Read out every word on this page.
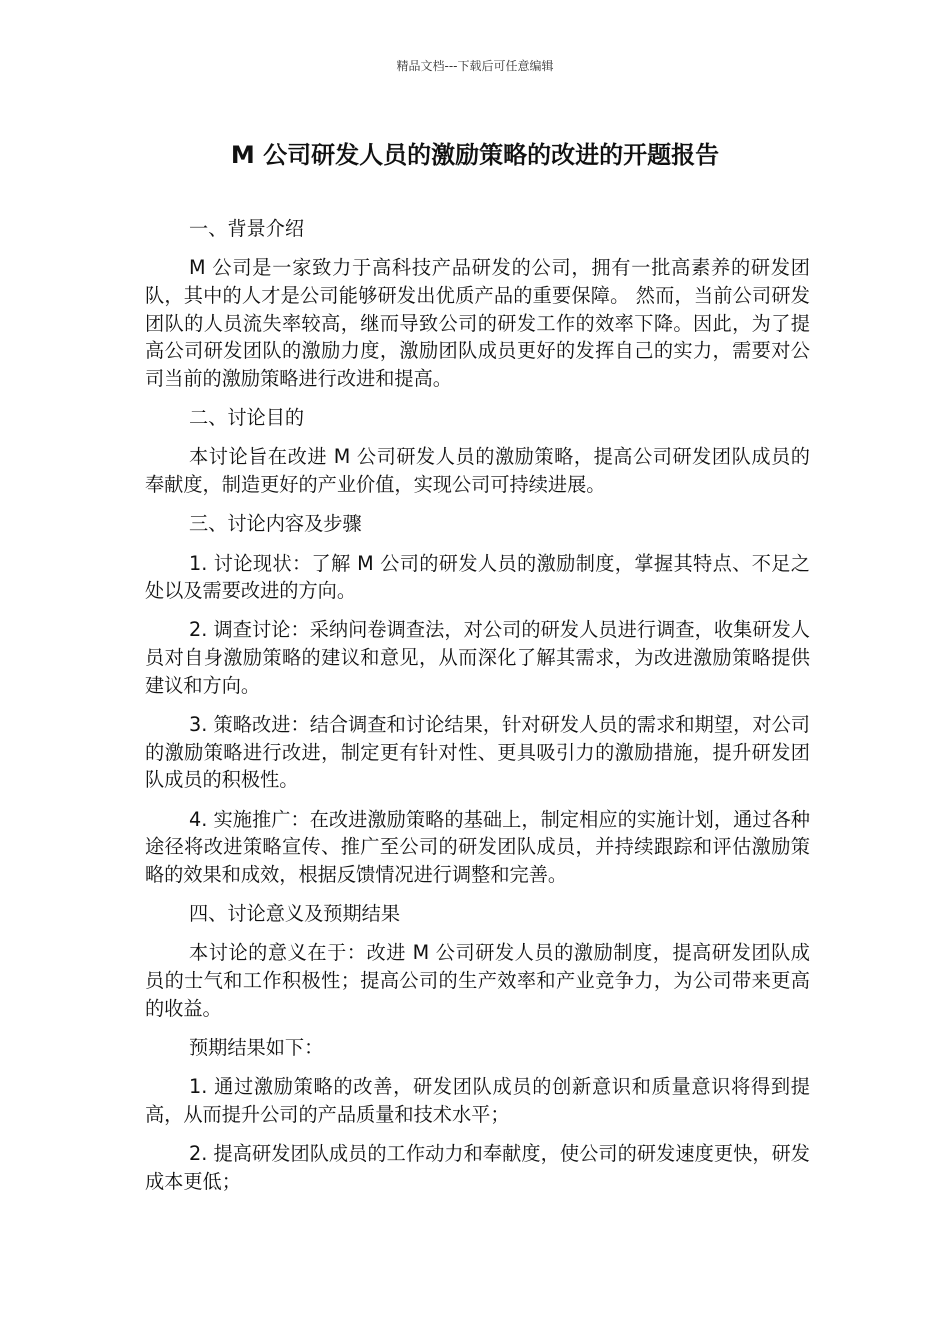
精品文档---下载后可任意编辑
M 公司研发人员的激励策略的改进的开题报告

一、背景介绍

M 公司是一家致力于高科技产品研发的公司，拥有一批高素养的研发团队，其中的人才是公司能够研发出优质产品的重要保障。 然而，当前公司研发团队的人员流失率较高，继而导致公司的研发工作的效率下降。因此，为了提高公司研发团队的激励力度，激励团队成员更好的发挥自己的实力，需要对公司当前的激励策略进行改进和提高。

二、讨论目的

本讨论旨在改进 M 公司研发人员的激励策略，提高公司研发团队成员的奉献度，制造更好的产业价值，实现公司可持续进展。

三、讨论内容及步骤

1. 讨论现状：了解 M 公司的研发人员的激励制度，掌握其特点、不足之处以及需要改进的方向。

2. 调查讨论：采纳问卷调查法，对公司的研发人员进行调查，收集研发人员对自身激励策略的建议和意见，从而深化了解其需求，为改进激励策略提供建议和方向。

3. 策略改进：结合调查和讨论结果，针对研发人员的需求和期望，对公司的激励策略进行改进，制定更有针对性、更具吸引力的激励措施，提升研发团队成员的积极性。

4. 实施推广：在改进激励策略的基础上，制定相应的实施计划，通过各种途径将改进策略宣传、推广至公司的研发团队成员，并持续跟踪和评估激励策略的效果和成效，根据反馈情况进行调整和完善。

四、讨论意义及预期结果

本讨论的意义在于：改进 M 公司研发人员的激励制度，提高研发团队成员的士气和工作积极性；提高公司的生产效率和产业竞争力，为公司带来更高的收益。

预期结果如下：

1. 通过激励策略的改善，研发团队成员的创新意识和质量意识将得到提高，从而提升公司的产品质量和技术水平；

2. 提高研发团队成员的工作动力和奉献度，使公司的研发速度更快，研发成本更低；
